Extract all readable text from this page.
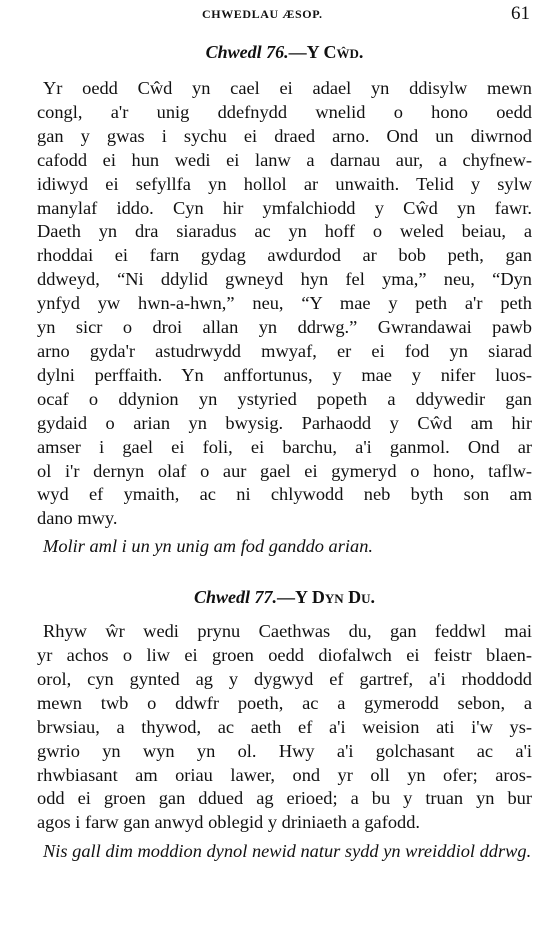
CHWEDLAU ÆSOP.	61
Chwedl 76.—Y Cŵd.
Yr oedd Cŵd yn cael ei adael yn ddisylw mewn
congl, a'r unig ddefnydd wnelid o hono oedd
gan y gwas i sychu ei draed arno. Ond un diwrnod
cafodd ei hun wedi ei lanw a darnau aur, a chyfnew-
idiwyd ei sefyllfa yn hollol ar unwaith. Telid y sylw
manylaf iddo. Cyn hir ymfalchiodd y Cŵd yn fawr.
Daeth yn dra siaradus ac yn hoff o weled beiau, a
rhoddai ei farn gydag awdurdod ar bob peth, gan
ddweyd, “Ni ddylid gwneyd hyn fel yma,” neu, “Dyn
ynfyd yw hwn-a-hwn,” neu, “Y mae y peth a'r peth
yn sicr o droi allan yn ddrwg.” Gwrandawai pawb
arno gyda'r astudrwydd mwyaf, er ei fod yn siarad
dylni perffaith. Yn anffortunus, y mae y nifer luos-
ocaf o ddynion yn ystyried popeth a ddywedir gan
gydaid o arian yn bwysig. Parhaodd y Cŵd am hir
amser i gael ei foli, ei barchu, a'i ganmol. Ond ar
ol i'r dernyn olaf o aur gael ei gymeryd o hono, taflw-
wyd ef ymaith, ac ni chlywodd neb byth son am
dano mwy.

Molir aml i un yn unig am fod ganddo arian.

Chwedl 77.—Y Dyn Du.
Rhyw ŵr wedi prynu Caethwas du, gan feddwl mai
yr achos o liw ei groen oedd diofalwch ei feistr blaen-
orol, cyn gynted ag y dygwyd ef gartref, a'i rhoddodd
mewn twb o ddwfr poeth, ac a gymerodd sebon, a
brwsiau, a thywod, ac aeth ef a'i weision ati i'w ys-
gwrio yn wyn yn ol. Hwy a'i golchasant ac a'i
rhwbiasant am oriau lawer, ond yr oll yn ofer; aros-
odd ei groen gan ddued ag erioed; a bu y truan yn bur
agos i farw gan anwyd oblegid y driniaeth a gafodd.

Nis gall dim moddion dynol newid natur sydd yn wreiddiol ddrwg.
